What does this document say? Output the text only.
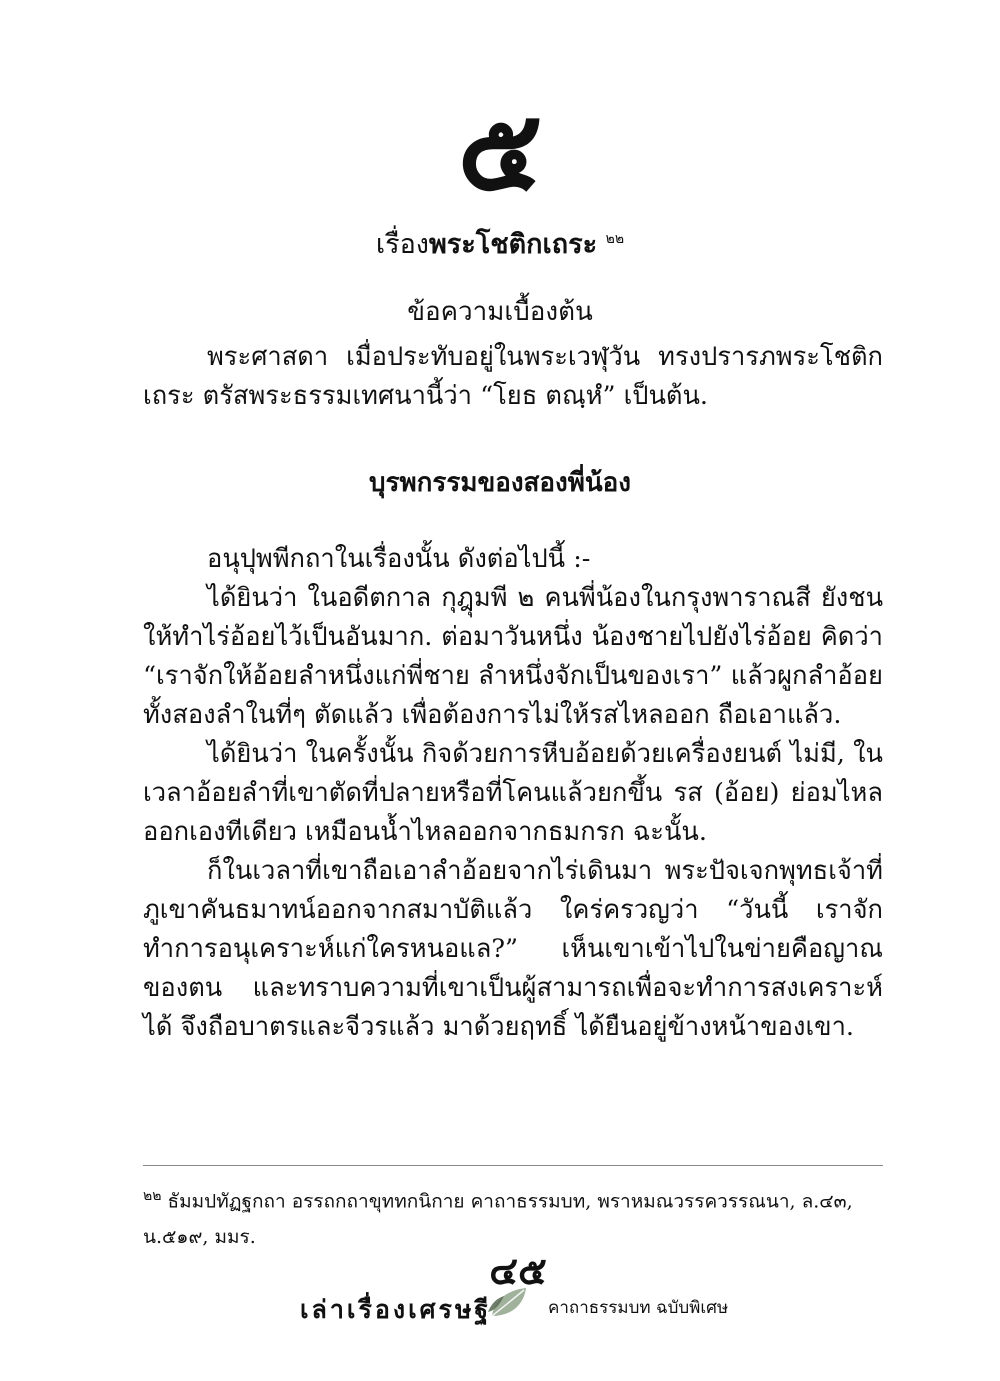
๕
เรื่องพระโชติกเถระ $^{๒๒}$
ข้อความเบื้องต้น

พระศาสดา เมื่อประทับอยู่ในพระเวฬุวัน ทรงปรารภพระโชติกเถระ ตรัสพระธรรมเทศนานี้ว่า “โยธ ตณฺหํ” เป็นต้น.

บุรพกรรมของสองพี่น้อง

อนุปุพพีกถาในเรื่องนั้น ดังต่อไปนี้ :-

ได้ยินว่า ในอดีตกาล กุฎุมพี ๒ คนพี่น้องในกรุงพาราณสี ยังชนให้ทำไร่อ้อยไว้เป็นอันมาก. ต่อมาวันหนึ่ง น้องชายไปยังไร่อ้อย คิดว่า “เราจักให้อ้อยลำหนึ่งแก่พี่ชาย ลำหนึ่งจักเป็นของเรา” แล้วผูกลำอ้อยทั้งสองลำในที่ๆ ตัดแล้ว เพื่อต้องการไม่ให้รสไหลออก ถือเอาแล้ว.

ได้ยินว่า ในครั้งนั้น กิจด้วยการหีบอ้อยด้วยเครื่องยนต์ ไม่มี, ในเวลาอ้อยลำที่เขาตัดที่ปลายหรือที่โคนแล้วยกขึ้น รส (อ้อย) ย่อมไหลออกเองทีเดียว เหมือนน้ำไหลออกจากธมกรก ฉะนั้น.

ก็ในเวลาที่เขาถือเอาลำอ้อยจากไร่เดินมา พระปัจเจกพุทธเจ้าที่ภูเขาคันธมาทน์ออกจากสมาบัติแล้ว ใคร่ครวญว่า “วันนี้ เราจักทำการอนุเคราะห์แก่ใครหนอแล?” เห็นเขาเข้าไปในข่ายคือญาณของตน และทราบความที่เขาเป็นผู้สามารถเพื่อจะทำการสงเคราะห์ได้ จึงถือบาตรและจีวรแล้ว มาด้วยฤทธิ์ ได้ยืนอยู่ข้างหน้าของเขา.

$^{๒๒}$ ธัมมปทัฏฐกถา อรรถกถาขุททกนิกาย คาถาธรรมบท, พราหมณวรรควรรณนา, ล.๔๓, น.๕๑๙, มมร.

๔๕
เล่าเรื่องเศรษฐี	คาถาธรรมบท ฉบับพิเศษ
